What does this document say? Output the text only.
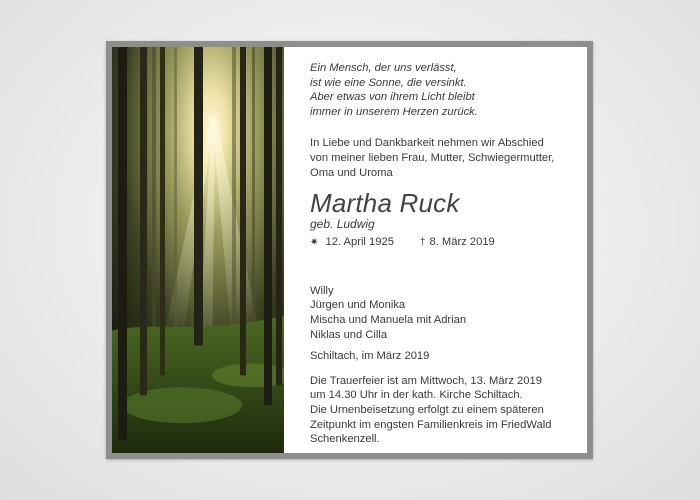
Ein Mensch, der uns verlässt,
ist wie eine Sonne, die versinkt.
Aber etwas von ihrem Licht bleibt
immer in unserem Herzen zurück.
In Liebe und Dankbarkeit nehmen wir Abschied
von meiner lieben Frau, Mutter, Schwiegermutter,
Oma und Uroma
Martha Ruck
geb. Ludwig
✷ 12. April 1925	† 8. März 2019
Willy
Jürgen und Monika
Mischa und Manuela mit Adrian
Niklas und Cilla
Schiltach, im März 2019
Die Trauerfeier ist am Mittwoch, 13. März 2019
um 14.30 Uhr in der kath. Kirche Schiltach.
Die Urnenbeisetzung erfolgt zu einem späteren
Zeitpunkt im engsten Familienkreis im FriedWald
Schenkenzell.
